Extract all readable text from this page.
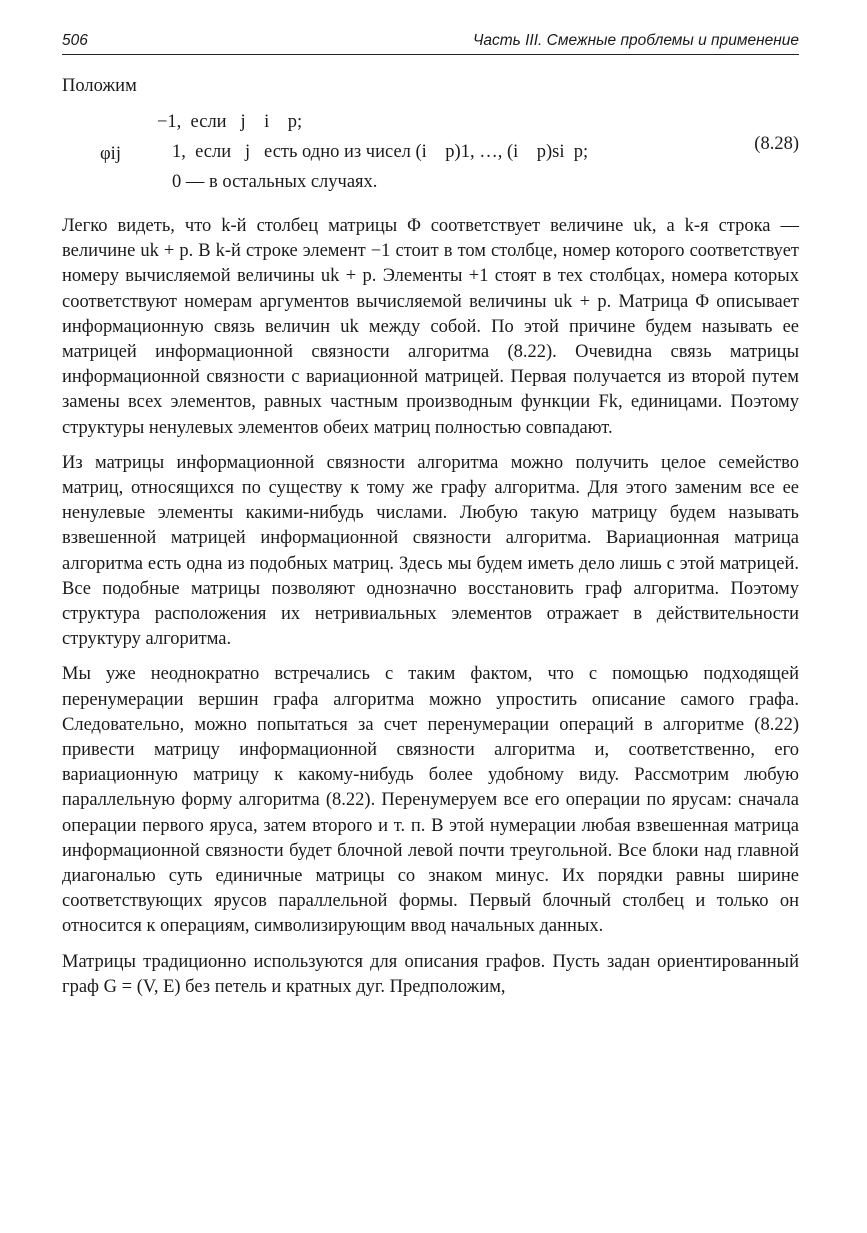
506	Часть III. Смежные проблемы и применение
Положим
φij
−1,  если   j    i    p;
1,  если   j   есть одно из чисел (i    p)1, …, (i    p)si  p;
0 — в остальных случаях.
(8.28)

Легко видеть, что k-й столбец матрицы Φ соответствует величине uk, а k-я строка — величине uk + p. В k-й строке элемент −1 стоит в том столбце, номер которого соответствует номеру вычисляемой величины uk + p. Элементы +1 стоят в тех столбцах, номера которых соответствуют номерам аргументов вычисляемой величины uk + p. Матрица Φ описывает информационную связь величин uk между собой. По этой причине будем называть ее матрицей информационной связности алгоритма (8.22). Очевидна связь матрицы информационной связности с вариационной матрицей. Первая получается из второй путем замены всех элементов, равных частным производным функции Fk, единицами. Поэтому структуры ненулевых элементов обеих матриц полностью совпадают.

Из матрицы информационной связности алгоритма можно получить целое семейство матриц, относящихся по существу к тому же графу алгоритма. Для этого заменим все ее ненулевые элементы какими-нибудь числами. Любую такую матрицу будем называть взвешенной матрицей информационной связности алгоритма. Вариационная матрица алгоритма есть одна из подобных матриц. Здесь мы будем иметь дело лишь с этой матрицей. Все подобные матрицы позволяют однозначно восстановить граф алгоритма. Поэтому структура расположения их нетривиальных элементов отражает в действительности структуру алгоритма.

Мы уже неоднократно встречались с таким фактом, что с помощью подходящей перенумерации вершин графа алгоритма можно упростить описание самого графа. Следовательно, можно попытаться за счет перенумерации операций в алгоритме (8.22) привести матрицу информационной связности алгоритма и, соответственно, его вариационную матрицу к какому-нибудь более удобному виду. Рассмотрим любую параллельную форму алгоритма (8.22). Перенумеруем все его операции по ярусам: сначала операции первого яруса, затем второго и т. п. В этой нумерации любая взвешенная матрица информационной связности будет блочной левой почти треугольной. Все блоки над главной диагональю суть единичные матрицы со знаком минус. Их порядки равны ширине соответствующих ярусов параллельной формы. Первый блочный столбец и только он относится к операциям, символизирующим ввод начальных данных.

Матрицы традиционно используются для описания графов. Пусть задан ориентированный граф G = (V, E) без петель и кратных дуг. Предположим,
